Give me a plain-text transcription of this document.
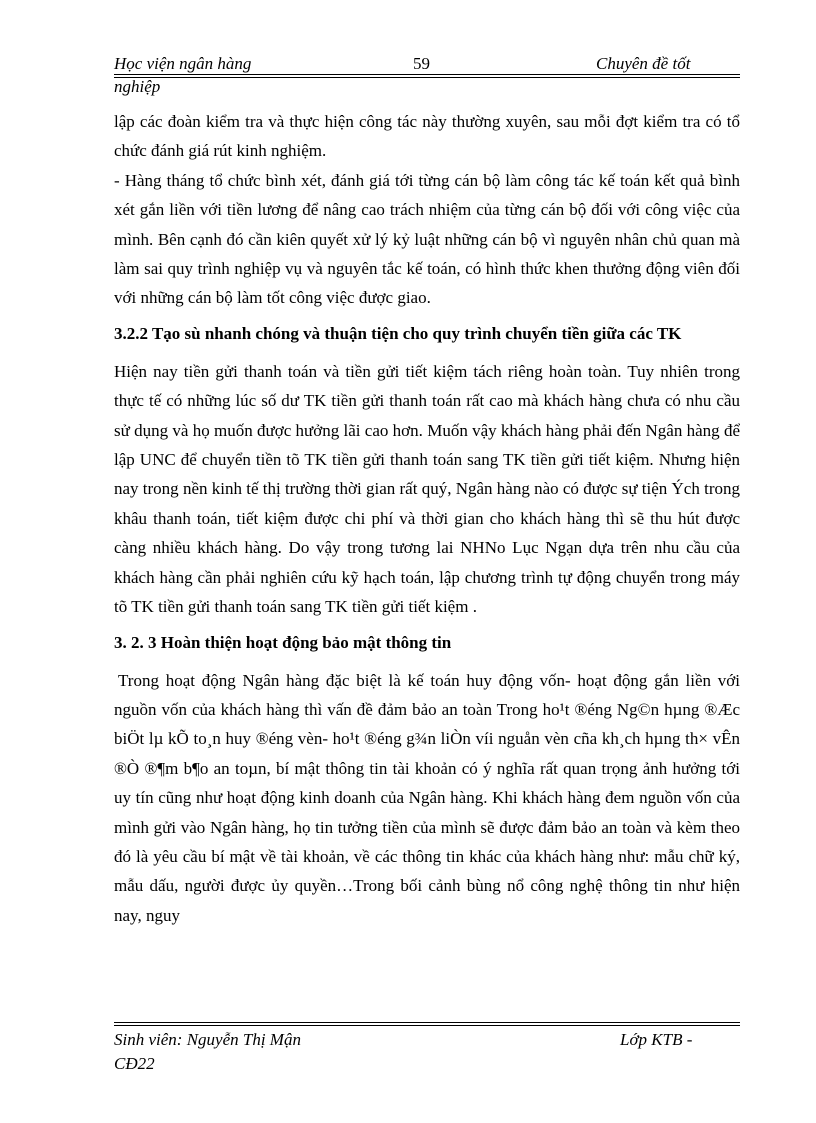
Học viện ngân hàng	59	Chuyên đề tốt
nghiệp

lập các đoàn kiểm tra và thực hiện công tác này thường xuyên, sau mỗi đợt kiểm tra có tổ chức đánh giá rút kinh nghiệm.

- Hàng tháng tổ chức bình xét, đánh giá tới từng cán bộ làm công tác kế toán kết quả bình xét gắn liền với tiền lương để nâng cao trách nhiệm của từng cán bộ đối với công việc của mình. Bên cạnh đó cần kiên quyết xử lý kỷ luật những cán bộ vì nguyên nhân chủ quan mà làm sai quy trình nghiệp vụ và nguyên tắc kế toán, có hình thức khen thưởng động viên đối với những cán bộ làm tốt công việc được giao.

3.2.2 Tạo sù nhanh chóng và thuận tiện cho quy trình chuyển tiền giữa các TK

Hiện nay tiền gửi thanh toán và tiền gửi tiết kiệm tách riêng hoàn toàn. Tuy nhiên trong thực tế có những lúc số dư TK tiền gửi thanh toán rất cao mà khách hàng chưa có nhu cầu sử dụng và họ muốn được hưởng lãi cao hơn. Muốn vậy khách hàng phải đến Ngân hàng để lập UNC để chuyển tiền tõ TK tiền gửi thanh toán sang TK tiền gửi tiết kiệm. Nhưng hiện nay trong nền kinh tế thị trường thời gian rất quý, Ngân hàng nào có được sự tiện Ých trong khâu thanh toán, tiết kiệm được chi phí và thời gian cho khách hàng thì sẽ thu hút được càng nhiều khách hàng. Do vậy trong tương lai NHNo Lục Ngạn dựa trên nhu cầu của khách hàng cần phải nghiên cứu kỹ hạch toán, lập chương trình tự động chuyển trong máy tõ TK tiền gửi thanh toán sang TK tiền gửi tiết kiệm .

3. 2. 3 Hoàn thiện hoạt động bảo mật thông tin

Trong hoạt động Ngân hàng đặc biệt là kế toán huy động vốn- hoạt động gắn liền với nguồn vốn của khách hàng thì vấn đề đảm bảo an toàn Trong ho¹t ®éng Ng©n hµng ®Æc biÖt lµ kÕ to¸n huy ®éng vèn- ho¹t ®éng g¾n liÒn víi nguån vèn cña kh¸ch hµng th× vÊn ®Ò ®¶m b¶o an toµn, bí mật thông tin tài khoản có ý nghĩa rất quan trọng ảnh hưởng tới uy tín cũng như hoạt động kinh doanh của Ngân hàng. Khi khách hàng đem nguồn vốn của mình gửi vào Ngân hàng, họ tin tưởng tiền của mình sẽ được đảm bảo an toàn và kèm theo đó là yêu cầu bí mật về tài khoản, về các thông tin khác của khách hàng như: mẫu chữ ký, mẫu dấu, người được ủy quyền…Trong bối cảnh bùng nổ công nghệ thông tin như hiện nay, nguy

Sinh viên: Nguyễn Thị Mận	Lớp KTB -
CĐ22
